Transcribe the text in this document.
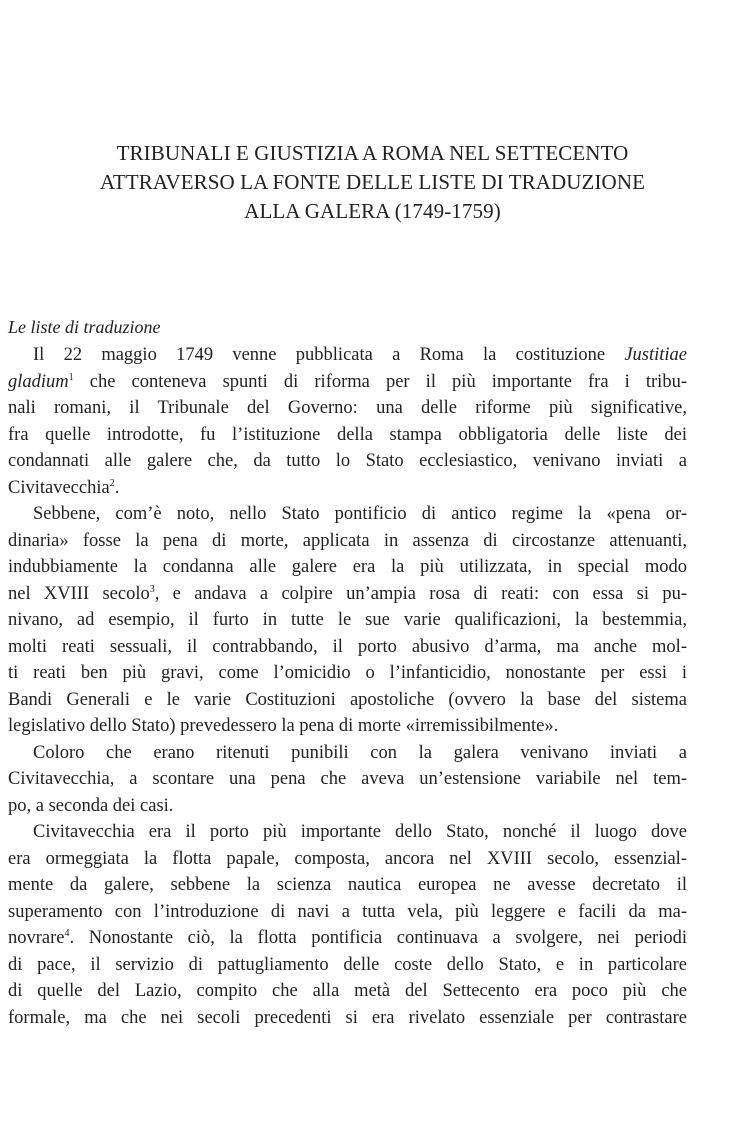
TRIBUNALI E GIUSTIZIA A ROMA NEL SETTECENTO
ATTRAVERSO LA FONTE DELLE LISTE DI TRADUZIONE
ALLA GALERA (1749-1759)
Le liste di traduzione
Il 22 maggio 1749 venne pubblicata a Roma la costituzione Justitiae
gladium$^1$ che conteneva spunti di riforma per il più importante fra i tribu-
nali romani, il Tribunale del Governo: una delle riforme più significative,
fra quelle introdotte, fu l’istituzione della stampa obbligatoria delle liste dei
condannati alle galere che, da tutto lo Stato ecclesiastico, venivano inviati a
Civitavecchia$^2$.
Sebbene, com’è noto, nello Stato pontificio di antico regime la «pena or-
dinaria» fosse la pena di morte, applicata in assenza di circostanze attenuanti,
indubbiamente la condanna alle galere era la più utilizzata, in special modo
nel XVIII secolo$^3$, e andava a colpire un’ampia rosa di reati: con essa si pu-
nivano, ad esempio, il furto in tutte le sue varie qualificazioni, la bestemmia,
molti reati sessuali, il contrabbando, il porto abusivo d’arma, ma anche mol-
ti reati ben più gravi, come l’omicidio o l’infanticidio, nonostante per essi i
Bandi Generali e le varie Costituzioni apostoliche (ovvero la base del sistema
legislativo dello Stato) prevedessero la pena di morte «irremissibilmente».
Coloro che erano ritenuti punibili con la galera venivano inviati a
Civitavecchia, a scontare una pena che aveva un’estensione variabile nel tem-
po, a seconda dei casi.
Civitavecchia era il porto più importante dello Stato, nonché il luogo dove
era ormeggiata la flotta papale, composta, ancora nel XVIII secolo, essenzial-
mente da galere, sebbene la scienza nautica europea ne avesse decretato il
superamento con l’introduzione di navi a tutta vela, più leggere e facili da ma-
novrare$^4$. Nonostante ciò, la flotta pontificia continuava a svolgere, nei periodi
di pace, il servizio di pattugliamento delle coste dello Stato, e in particolare
di quelle del Lazio, compito che alla metà del Settecento era poco più che
formale, ma che nei secoli precedenti si era rivelato essenziale per contrastare
